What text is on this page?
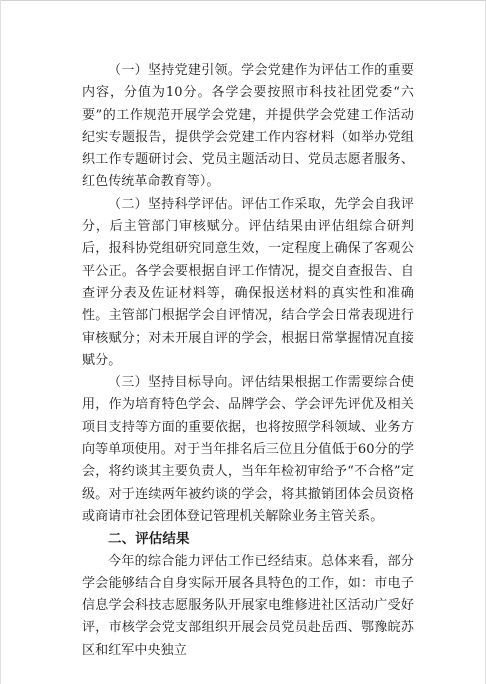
（一）坚持党建引领。学会党建作为评估工作的重要内容，分值为10分。各学会要按照市科技社团党委“六要”的工作规范开展学会党建，并提供学会党建工作活动纪实专题报告，提供学会党建工作内容材料（如举办党组织工作专题研讨会、党员主题活动日、党员志愿者服务、红色传统革命教育等）。

（二）坚持科学评估。评估工作采取，先学会自我评分，后主管部门审核赋分。评估结果由评估组综合研判后，报科协党组研究同意生效，一定程度上确保了客观公平公正。各学会要根据自评工作情况，提交自查报告、自查评分表及佐证材料等，确保报送材料的真实性和准确性。主管部门根据学会自评情况，结合学会日常表现进行审核赋分；对未开展自评的学会，根据日常掌握情况直接赋分。

（三）坚持目标导向。评估结果根据工作需要综合使用，作为培育特色学会、品牌学会、学会评先评优及相关项目支持等方面的重要依据，也将按照学科领域、业务方向等单项使用。对于当年排名后三位且分值低于60分的学会，将约谈其主要负责人，当年年检初审给予“不合格”定级。对于连续两年被约谈的学会，将其撤销团体会员资格或商请市社会团体登记管理机关解除业务主管关系。

二、评估结果

今年的综合能力评估工作已经结束。总体来看，部分学会能够结合自身实际开展各具特色的工作，如：市电子信息学会科技志愿服务队开展家电维修进社区活动广受好评，市核学会党支部组织开展会员党员赴岳西、鄂豫皖苏区和红军中央独立
